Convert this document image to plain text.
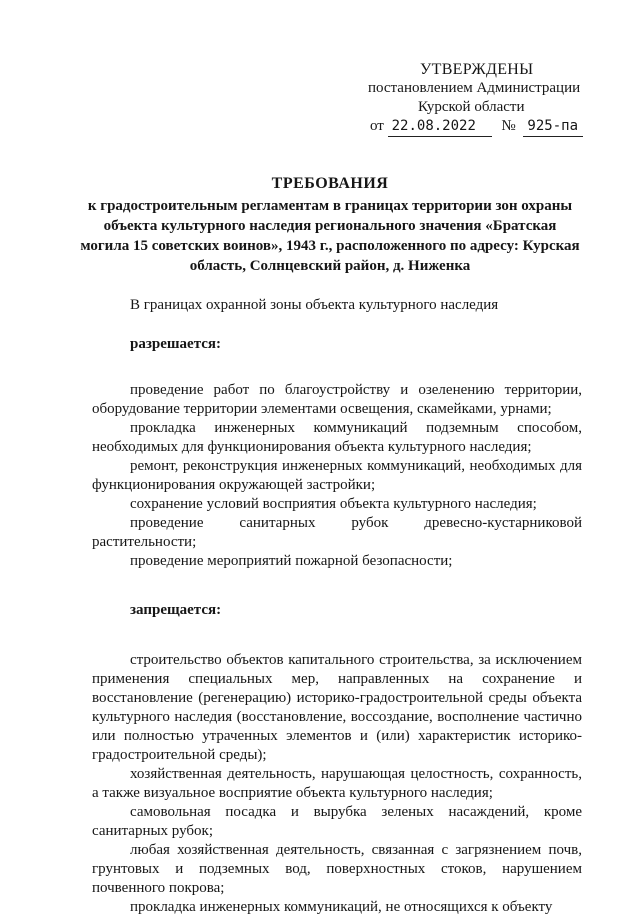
УТВЕРЖДЕНЫ
постановлением Администрации
Курской области
от 22.08.2022 № 925-па
ТРЕБОВАНИЯ
к градостроительным регламентам в границах территории зон охраны объекта культурного наследия регионального значения «Братская могила 15 советских воинов», 1943 г., расположенного по адресу: Курская область, Солнцевский район, д. Ниженка

В границах охранной зоны объекта культурного наследия

разрешается:

проведение работ по благоустройству и озеленению территории, оборудование территории элементами освещения, скамейками, урнами;

прокладка инженерных коммуникаций подземным способом, необходимых для функционирования объекта культурного наследия;

ремонт, реконструкция инженерных коммуникаций, необходимых для функционирования окружающей застройки;

сохранение условий восприятия объекта культурного наследия;

проведение санитарных рубок древесно-кустарниковой растительности;

проведение мероприятий пожарной безопасности;

запрещается:

строительство объектов капитального строительства, за исключением применения специальных мер, направленных на сохранение и восстановление (регенерацию) историко-градостроительной среды объекта культурного наследия (восстановление, воссоздание, восполнение частично или полностью утраченных элементов и (или) характеристик историко-градостроительной среды);

хозяйственная деятельность, нарушающая целостность, сохранность, а также визуальное восприятие объекта культурного наследия;

самовольная посадка и вырубка зеленых насаждений, кроме санитарных рубок;

любая хозяйственная деятельность, связанная с загрязнением почв, грунтовых и подземных вод, поверхностных стоков, нарушением почвенного покрова;

прокладка инженерных коммуникаций, не относящихся к объекту
